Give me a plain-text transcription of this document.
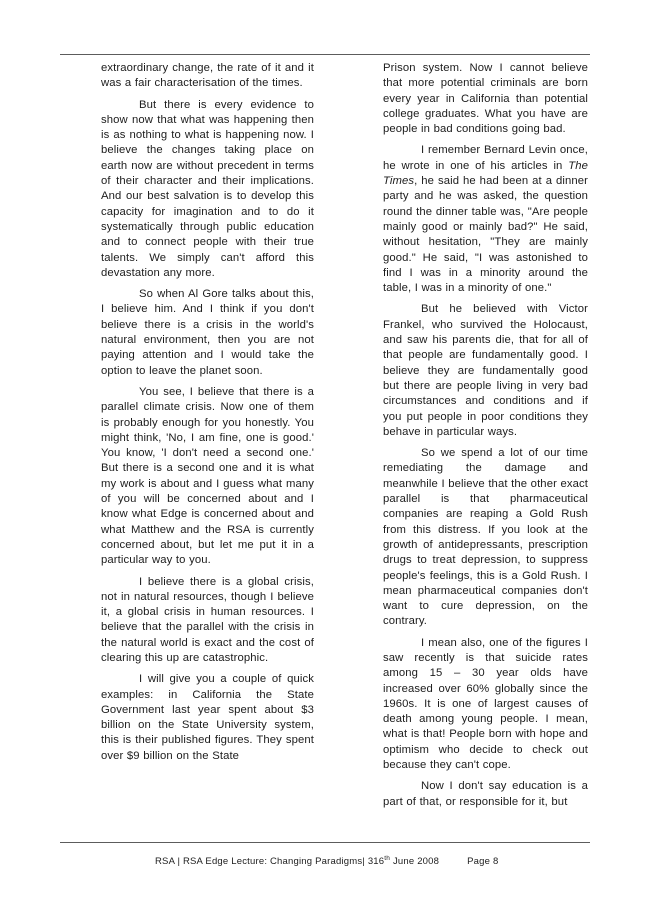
extraordinary change, the rate of it and it was a fair characterisation of the times.

But there is every evidence to show now that what was happening then is as nothing to what is happening now. I believe the changes taking place on earth now are without precedent in terms of their character and their implications. And our best salvation is to develop this capacity for imagination and to do it systematically through public education and to connect people with their true talents. We simply can't afford this devastation any more.

So when Al Gore talks about this, I believe him. And I think if you don't believe there is a crisis in the world's natural environment, then you are not paying attention and I would take the option to leave the planet soon.

You see, I believe that there is a parallel climate crisis. Now one of them is probably enough for you honestly. You might think, 'No, I am fine, one is good.' You know, 'I don't need a second one.' But there is a second one and it is what my work is about and I guess what many of you will be concerned about and I know what Edge is concerned about and what Matthew and the RSA is currently concerned about, but let me put it in a particular way to you.

I believe there is a global crisis, not in natural resources, though I believe it, a global crisis in human resources. I believe that the parallel with the crisis in the natural world is exact and the cost of clearing this up are catastrophic.

I will give you a couple of quick examples: in California the State Government last year spent about $3 billion on the State University system, this is their published figures. They spent over $9 billion on the State

Prison system. Now I cannot believe that more potential criminals are born every year in California than potential college graduates. What you have are people in bad conditions going bad.

I remember Bernard Levin once, he wrote in one of his articles in The Times, he said he had been at a dinner party and he was asked, the question round the dinner table was, "Are people mainly good or mainly bad?" He said, without hesitation, "They are mainly good." He said, "I was astonished to find I was in a minority around the table, I was in a minority of one."

But he believed with Victor Frankel, who survived the Holocaust, and saw his parents die, that for all of that people are fundamentally good. I believe they are fundamentally good but there are people living in very bad circumstances and conditions and if you put people in poor conditions they behave in particular ways.

So we spend a lot of our time remediating the damage and meanwhile I believe that the other exact parallel is that pharmaceutical companies are reaping a Gold Rush from this distress. If you look at the growth of antidepressants, prescription drugs to treat depression, to suppress people's feelings, this is a Gold Rush. I mean pharmaceutical companies don't want to cure depression, on the contrary.

I mean also, one of the figures I saw recently is that suicide rates among 15 – 30 year olds have increased over 60% globally since the 1960s. It is one of largest causes of death among young people. I mean, what is that! People born with hope and optimism who decide to check out because they can't cope.

Now I don't say education is a part of that, or responsible for it, but

RSA | RSA Edge Lecture: Changing Paradigms| 316th June 2008	Page 8
